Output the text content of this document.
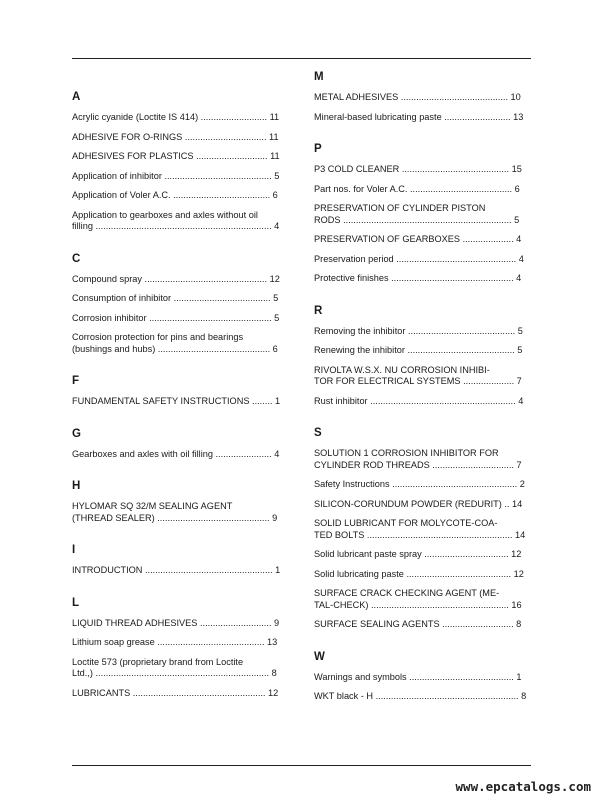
A
Acrylic cyanide (Loctite IS 414) .......................... 11
ADHESIVE FOR O-RINGS ................................ 11
ADHESIVES FOR PLASTICS ............................ 11
Application of inhibitor .......................................... 5
Application of Voler A.C. ...................................... 6
Application to gearboxes and axles without oil
filling ..................................................................... 4
C
Compound spray ................................................ 12
Consumption of inhibitor ...................................... 5
Corrosion inhibitor ................................................ 5
Corrosion protection for pins and bearings
(bushings and hubs) ............................................ 6
F
FUNDAMENTAL SAFETY INSTRUCTIONS ........ 1
G
Gearboxes and axles with oil filling ...................... 4
H
HYLOMAR SQ 32/M SEALING AGENT
(THREAD SEALER) ............................................ 9
I
INTRODUCTION .................................................. 1
L
LIQUID THREAD ADHESIVES ............................ 9
Lithium soap grease .......................................... 13
Loctite 573 (proprietary brand from Loctite
Ltd.,) .................................................................... 8
LUBRICANTS .................................................... 12
M
METAL ADHESIVES .......................................... 10
Mineral-based lubricating paste .......................... 13
P
P3 COLD CLEANER .......................................... 15
Part nos. for Voler A.C. ........................................ 6
PRESERVATION OF CYLINDER PISTON
RODS .................................................................. 5
PRESERVATION OF GEARBOXES .................... 4
Preservation period ............................................... 4
Protective finishes ................................................ 4
R
Removing the inhibitor .......................................... 5
Renewing the inhibitor .......................................... 5
RIVOLTA W.S.X. NU CORROSION INHIBI-
TOR FOR ELECTRICAL SYSTEMS .................... 7
Rust inhibitor ......................................................... 4
S
SOLUTION 1 CORROSION INHIBITOR FOR
CYLINDER ROD THREADS ................................ 7
Safety Instructions ................................................. 2
SILICON-CORUNDUM POWDER (REDURIT) .. 14
SOLID LUBRICANT FOR MOLYCOTE-COA-
TED BOLTS ......................................................... 14
Solid lubricant paste spray ................................. 12
Solid lubricating paste ......................................... 12
SURFACE CRACK CHECKING AGENT (ME-
TAL-CHECK) ...................................................... 16
SURFACE SEALING AGENTS ............................ 8
W
Warnings and symbols ......................................... 1
WKT black - H ........................................................ 8
www.epcatalogs.com
